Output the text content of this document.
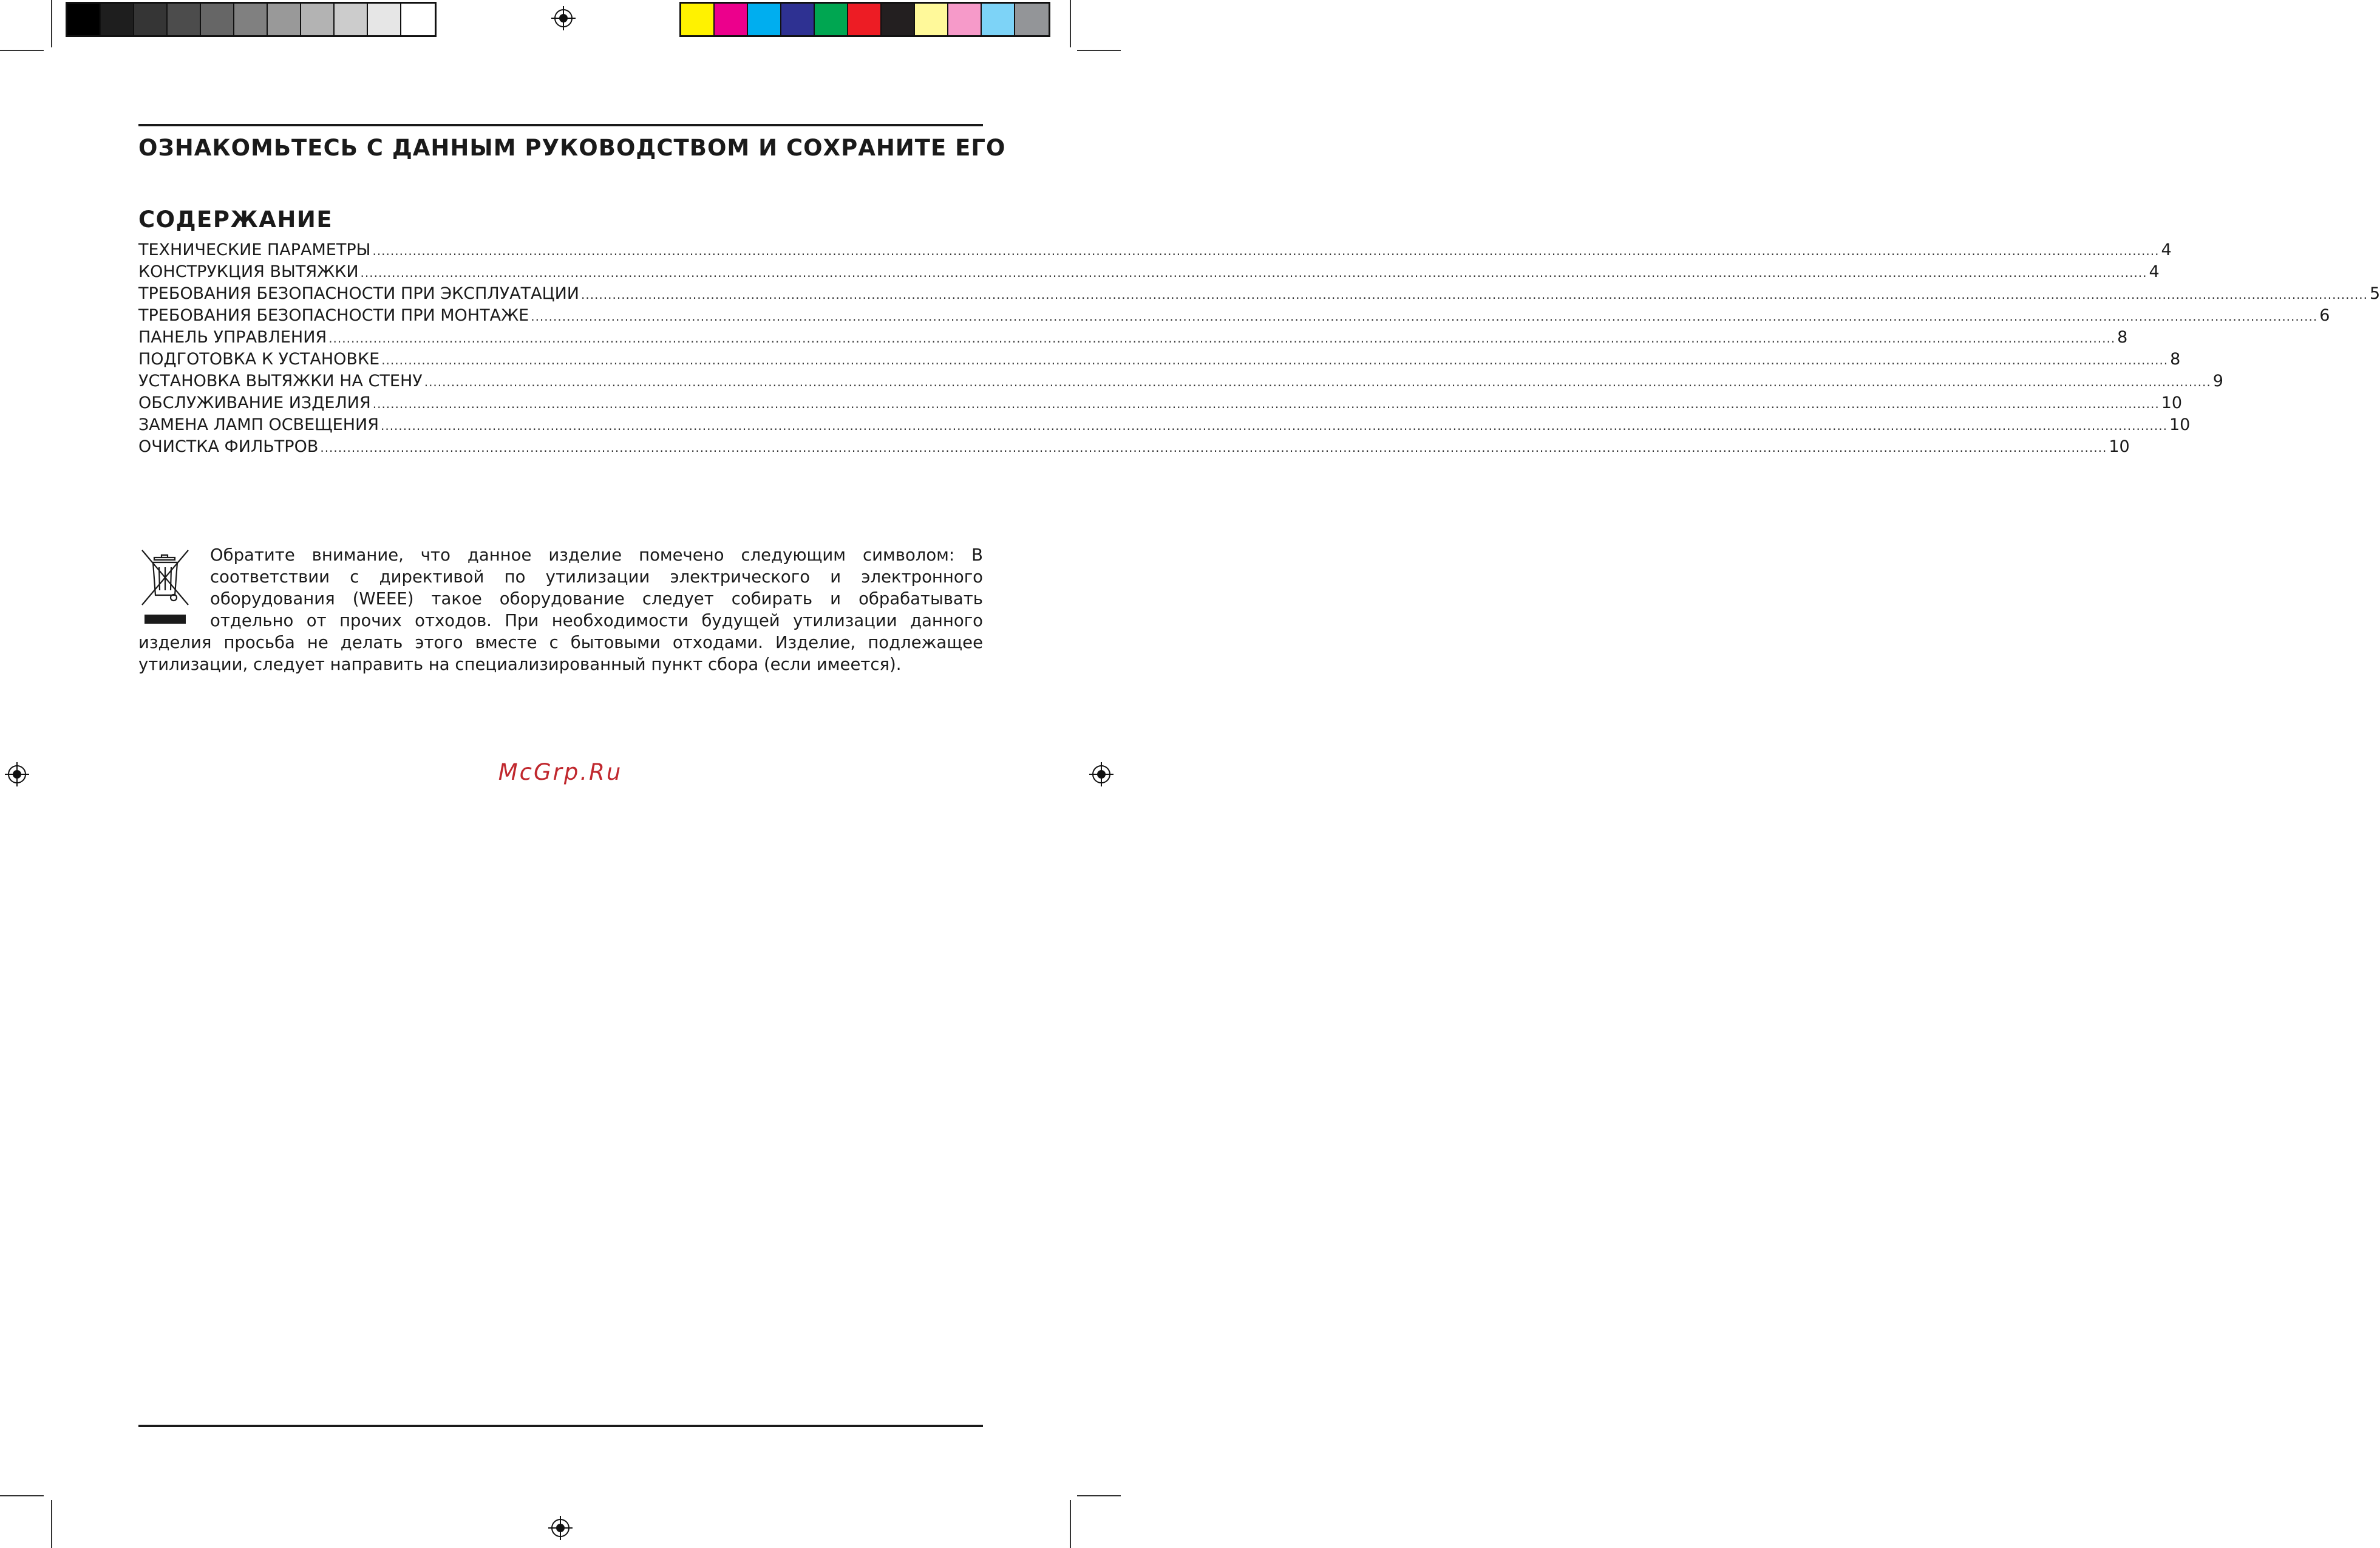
ОЗНАКОМЬТЕСЬ С ДАННЫМ РУКОВОДСТВОМ И СОХРАНИТЕ ЕГО
СОДЕРЖАНИЕ
ТЕХНИЧЕСКИЕ ПАРАМЕТРЫ ................................................................................................................................................................................................................................................................................................................................................................................................................ 4
КОНСТРУКЦИЯ ВЫТЯЖКИ ................................................................................................................................................................................................................................................................................................................................................................................................................ 4
ТРЕБОВАНИЯ БЕЗОПАСНОСТИ ПРИ ЭКСПЛУАТАЦИИ ................................................................................................................................................................................................................................................................................................................................................................................................................ 5
ТРЕБОВАНИЯ БЕЗОПАСНОСТИ ПРИ МОНТАЖЕ ................................................................................................................................................................................................................................................................................................................................................................................................................ 6
ПАНЕЛЬ УПРАВЛЕНИЯ ................................................................................................................................................................................................................................................................................................................................................................................................................ 8
ПОДГОТОВКА К УСТАНОВКЕ ................................................................................................................................................................................................................................................................................................................................................................................................................ 8
УСТАНОВКА ВЫТЯЖКИ НА СТЕНУ ................................................................................................................................................................................................................................................................................................................................................................................................................ 9
ОБСЛУЖИВАНИЕ ИЗДЕЛИЯ ................................................................................................................................................................................................................................................................................................................................................................................................................ 10
ЗАМЕНА ЛАМП ОСВЕЩЕНИЯ ................................................................................................................................................................................................................................................................................................................................................................................................................ 10
ОЧИСТКА ФИЛЬТРОВ ................................................................................................................................................................................................................................................................................................................................................................................................................ 10

Обратите внимание, что данное изделие помечено следующим символом: В соответствии с директивой по утилизации электрического и электронного оборудования (WEEE) такое оборудование следует собирать и обрабатывать отдельно от прочих отходов. При необходимости будущей утилизации данного изделия просьба не делать этого вместе с бытовыми отходами. Изделие, подлежащее утилизации, следует направить на специализированный пункт сбора (если имеется).

McGrp.Ru
